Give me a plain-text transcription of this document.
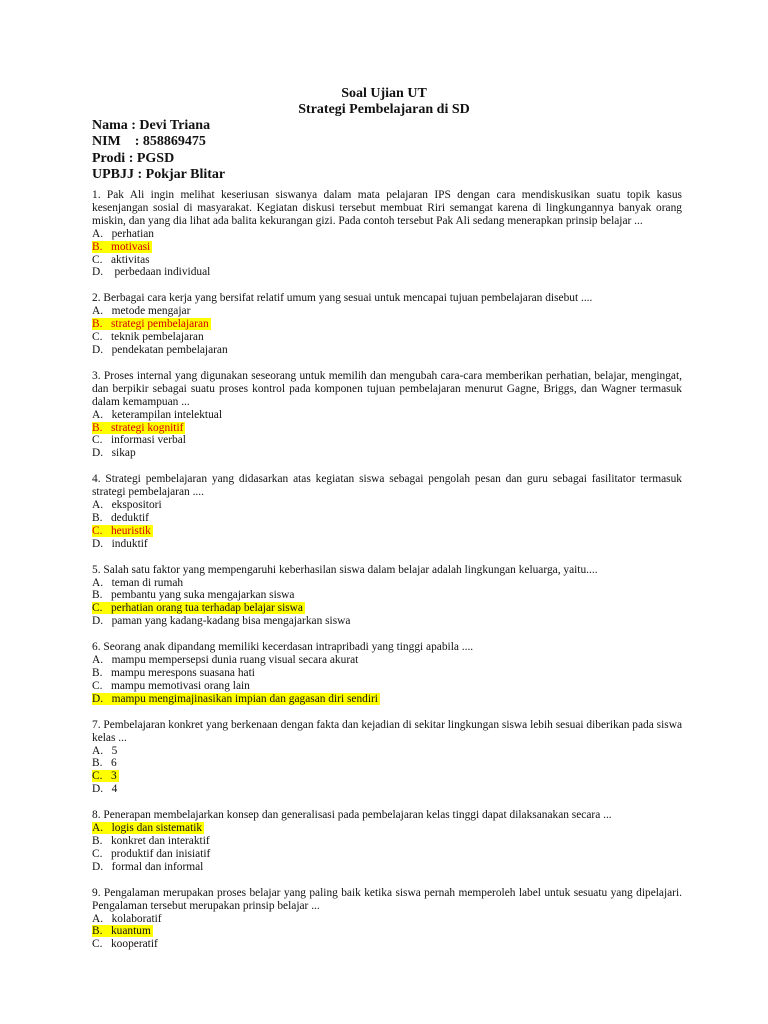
Soal Ujian UT
Strategi Pembelajaran di SD
Nama : Devi Triana
NIM    : 858869475
Prodi : PGSD
UPBJJ : Pokjar Blitar
1. Pak Ali ingin melihat keseriusan siswanya dalam mata pelajaran IPS dengan cara mendiskusikan suatu topik kasus kesenjangan sosial di masyarakat. Kegiatan diskusi tersebut membuat Riri semangat karena di lingkungannya banyak orang miskin, dan yang dia lihat ada balita kekurangan gizi. Pada contoh tersebut Pak Ali sedang menerapkan prinsip belajar ...
A.   perhatian
B.   motivasi
C.   aktivitas
D.    perbedaan individual
2. Berbagai cara kerja yang bersifat relatif umum yang sesuai untuk mencapai tujuan pembelajaran disebut ....
A.   metode mengajar
B.   strategi pembelajaran
C.   teknik pembelajaran
D.   pendekatan pembelajaran
3. Proses internal yang digunakan seseorang untuk memilih dan mengubah cara-cara memberikan perhatian, belajar, mengingat, dan berpikir sebagai suatu proses kontrol pada komponen tujuan pembelajaran menurut Gagne, Briggs, dan Wagner termasuk dalam kemampuan ...
A.   keterampilan intelektual
B.   strategi kognitif
C.   informasi verbal
D.   sikap
4. Strategi pembelajaran yang didasarkan atas kegiatan siswa sebagai pengolah pesan dan guru sebagai fasilitator termasuk strategi pembelajaran ....
A.   ekspositori
B.   deduktif
C.   heuristik
D.   induktif
5. Salah satu faktor yang mempengaruhi keberhasilan siswa dalam belajar adalah lingkungan keluarga, yaitu....
A.   teman di rumah
B.   pembantu yang suka mengajarkan siswa
C.   perhatian orang tua terhadap belajar siswa
D.   paman yang kadang-kadang bisa mengajarkan siswa
6. Seorang anak dipandang memiliki kecerdasan intrapribadi yang tinggi apabila ....
A.   mampu mempersepsi dunia ruang visual secara akurat
B.   mampu merespons suasana hati
C.   mampu memotivasi orang lain
D.   mampu mengimajinasikan impian dan gagasan diri sendiri
7. Pembelajaran konkret yang berkenaan dengan fakta dan kejadian di sekitar lingkungan siswa lebih sesuai diberikan pada siswa kelas ...
A.   5
B.   6
C.   3
D.   4
8. Penerapan membelajarkan konsep dan generalisasi pada pembelajaran kelas tinggi dapat dilaksanakan secara ...
A.   logis dan sistematik
B.   konkret dan interaktif
C.   produktif dan inisiatif
D.   formal dan informal
9. Pengalaman merupakan proses belajar yang paling baik ketika siswa pernah memperoleh label untuk sesuatu yang dipelajari. Pengalaman tersebut merupakan prinsip belajar ...
A.   kolaboratif
B.   kuantum
C.   kooperatif
